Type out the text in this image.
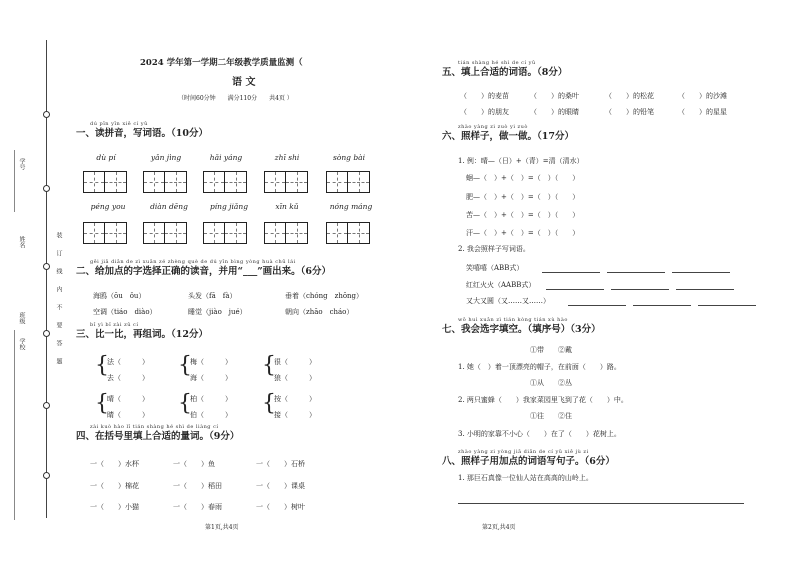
学号
姓名
学校
班级
装
订
线
内
不
要
答
题
2024 学年第一学期二年级教学质量监测（
语 文
（时间60分钟　　满分110分　　共4页 ）
dú pīn yīn xiě cí yǔ
一、读拼音，写词语。（10分）
dù pí	yǎn jìng	hǎi yáng	zhī shi	sòng bài
péng you	diàn dēng	píng jiǎng	xīn kǔ	nóng máng
gěi jiā diǎn de zì xuǎn zé zhèng què de dú yīn bìng yòng huà chū lái
二、给加点的字选择正确的读音，并用“___”画出来。（6分）
海鸥（ōu　ǒu）	头发（fā　fà）	垂着（chóng　zhōng）
空调（tiáo　diào）	睡觉（jiào　jué）	朝向（zhāo　cháo）
bǐ yì bǐ zài zǔ cí
三、比一比，再组词。（12分）
{
法（　　　）
去（　　　） {
梅（　　　）
海（　　　） {
很（　　　）
狼（　　　）
{
晴（　　　）
睛（　　　） {
柏（　　　）
伯（　　　） {
按（　　　）
接（　　　）
zài kuò hào lǐ tián shàng hé shì de liàng cí
四、在括号里填上合适的量词。（9分）
一（　　）水杯	一（　　）鱼	一（　　）石桥
一（　　）棉花	一（　　）稻田	一（　　）课桌
一（　　）小猫	一（　　）春雨	一（　　）树叶
第1页,共4页
tián shàng hé shì de cí yǔ
五、填上合适的词语。（8分）
（　　）的麦苗	（　　）的桑叶	（　　）的松花	（　　）的沙滩
（　　）的朋友	（　　）的眼睛	（　　）的铅笔	（　　）的星星
zhào yàng zi zuò yi zuò
六、照样子，做一做。（17分）
1. 例：晴—（日）+（青）=清（清水）
蛔—（　）+（　）=（　）（　　）
肥—（　）+（　）=（　）（　　）
苦—（　）+（　）=（　）（　　）
汗—（　）+（　）=（　）（　　）
2. 我会照样子写词语。
笑嘻嘻（ABB式）
红红火火（AABB式）
又大又圆（又……又……）
wǒ huì xuǎn zì tián kòng tián xù hào
七、我会选字填空。（填序号）（3分）
①带　　②戴
1. 她（　）着一顶漂亮的帽子，在前面（　　）路。
①从　　②丛
2. 两只蜜蜂（　　）我家菜园里飞到了花（　　）中。
①往　　②住
3. 小明的家靠不小心（　　）在了（　　）花树上。
zhào yàng zi yòng jiā diǎn de cí yǔ xiě jù zi
八、照样子用加点的词语写句子。（6分）
1. 那巨石真像一位仙人站在高高的山岭上。
第2页,共4页
